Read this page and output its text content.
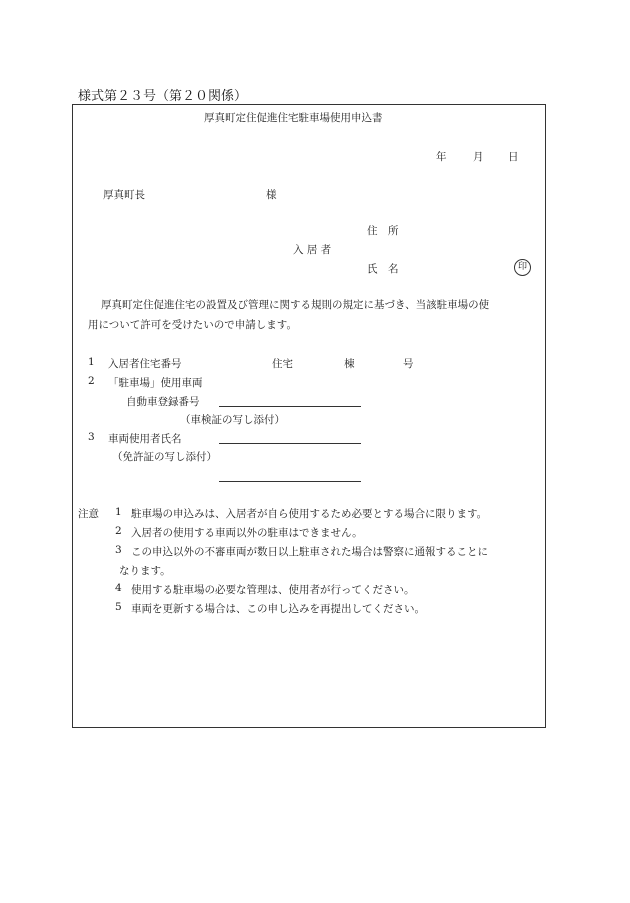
様式第２３号（第２０関係）
厚真町定住促進住宅駐車場使用申込書
年	月 日
厚真町長	様
住　所
入 居 者
氏　名	印
厚真町定住促進住宅の設置及び管理に関する規則の規定に基づき、当該駐車場の使
用について許可を受けたいので申請します。
1 入居者住宅番号	住宅	棟	号
2 「駐車場」使用車両
自動車登録番号
（車検証の写し添付）
3 車両使用者氏名
（免許証の写し添付）
注意 1 駐車場の申込みは、入居者が自ら使用するため必要とする場合に限ります。
2 入居者の使用する車両以外の駐車はできません。
3 この申込以外の不審車両が数日以上駐車された場合は警察に通報することに
なります。
4 使用する駐車場の必要な管理は、使用者が行ってください。
5 車両を更新する場合は、この申し込みを再提出してください。
